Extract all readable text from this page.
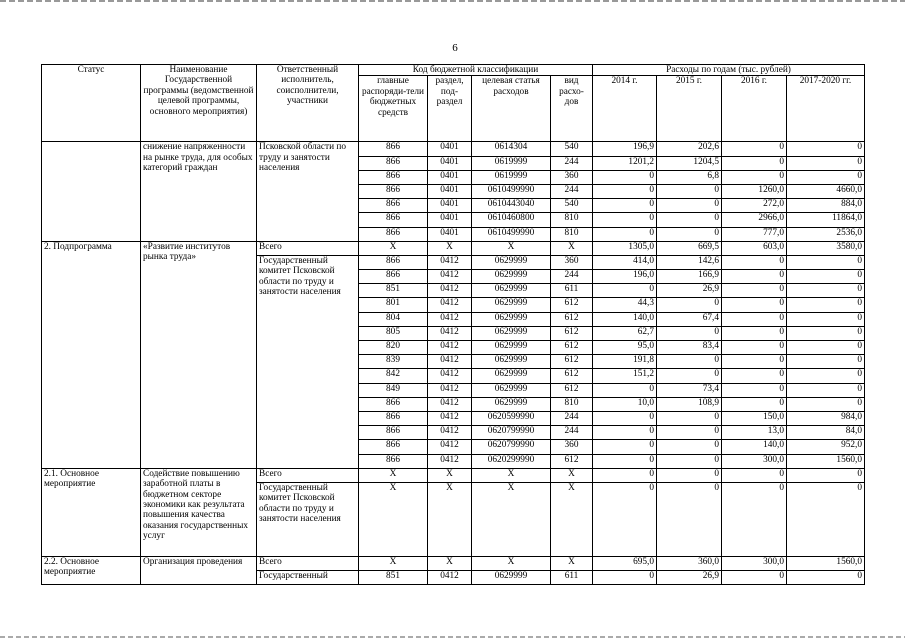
6
Статус	Наименование Государственной программы (ведомственной целевой программы, основного мероприятия)	Ответственный исполнитель, соисполнители, участники	Код бюджетной классификации				Расходы по годам (тыс. рублей)			
			главные распоряди-тели бюджетных средств	раздел, под-раздел	целевая статья расходов	вид расхо-дов	2014 г.	2015 г.	2016 г.	2017-2020 гг.
	снижение напряженности на рынке труда, для особых категорий граждан	Псковской области по труду и занятости населения	866	0401	0614304	540	196,9	202,6	0	0
			866	0401	0619999	244	1201,2	1204,5	0	0
			866	0401	0619999	360	0	6,8	0	0
			866	0401	0610499990	244	0	0	1260,0	4660,0
			866	0401	0610443040	540	0	0	272,0	884,0
			866	0401	0610460800	810	0	0	2966,0	11864,0
			866	0401	0610499990	810	0	0	777,0	2536,0
2. Подпрограмма	«Развитие институтов рынка труда»	Всего	X	X	X	X	1305,0	669,5	603,0	3580,0
		Государственный комитет Псковской области по труду и занятости населения	866	0412	0629999	360	414,0	142,6	0	0
			866	0412	0629999	244	196,0	166,9	0	0
			851	0412	0629999	611	0	26,9	0	0
			801	0412	0629999	612	44,3	0	0	0
			804	0412	0629999	612	140,0	67,4	0	0
			805	0412	0629999	612	62,7	0	0	0
			820	0412	0629999	612	95,0	83,4	0	0
			839	0412	0629999	612	191,8	0	0	0
			842	0412	0629999	612	151,2	0	0	0
			849	0412	0629999	612	0	73,4	0	0
			866	0412	0629999	810	10,0	108,9	0	0
			866	0412	0620599990	244	0	0	150,0	984,0
			866	0412	0620799990	244	0	0	13,0	84,0
			866	0412	0620799990	360	0	0	140,0	952,0
			866	0412	0620299990	612	0	0	300,0	1560,0
2.1. Основное мероприятие	Содействие повышению заработной платы в бюджетном секторе экономики как результата повышения качества оказания государственных услуг	Всего	X	X	X	X	0	0	0	0
		Государственный комитет Псковской области по труду и занятости населения	X	X	X	X	0	0	0	0
2.2. Основное мероприятие	Организация проведения	Всего	X	X	X	X	695,0	360,0	300,0	1560,0
		Государственный	851	0412	0629999	611	0	26,9	0	0
